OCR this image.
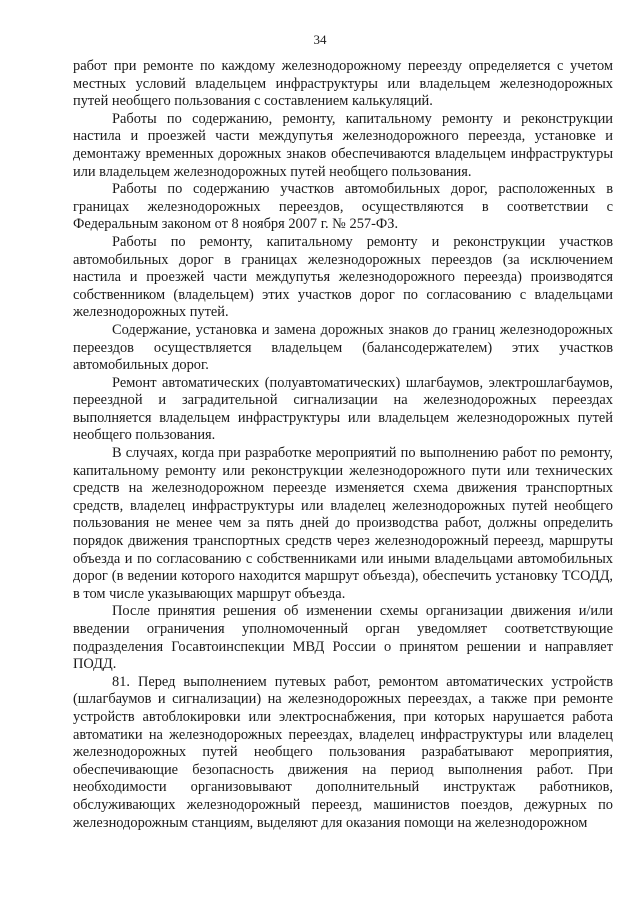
34

работ при ремонте по каждому железнодорожному переезду определяется с учетом местных условий владельцем инфраструктуры или владельцем железнодорожных путей необщего пользования с составлением калькуляций.

Работы по содержанию, ремонту, капитальному ремонту и реконструкции настила и проезжей части междупутья железнодорожного переезда, установке и демонтажу временных дорожных знаков обеспечиваются владельцем инфраструктуры или владельцем железнодорожных путей необщего пользования.

Работы по содержанию участков автомобильных дорог, расположенных в границах железнодорожных переездов, осуществляются в соответствии с Федеральным законом от 8 ноября 2007 г. № 257-ФЗ.

Работы по ремонту, капитальному ремонту и реконструкции участков автомобильных дорог в границах железнодорожных переездов (за исключением настила и проезжей части междупутья железнодорожного переезда) производятся собственником (владельцем) этих участков дорог по согласованию с владельцами железнодорожных путей.

Содержание, установка и замена дорожных знаков до границ железнодорожных переездов осуществляется владельцем (балансодержателем) этих участков автомобильных дорог.

Ремонт автоматических (полуавтоматических) шлагбаумов, электрошлагбаумов, переездной и заградительной сигнализации на железнодорожных переездах выполняется владельцем инфраструктуры или владельцем железнодорожных путей необщего пользования.

В случаях, когда при разработке мероприятий по выполнению работ по ремонту, капитальному ремонту или реконструкции железнодорожного пути или технических средств на железнодорожном переезде изменяется схема движения транспортных средств, владелец инфраструктуры или владелец железнодорожных путей необщего пользования не менее чем за пять дней до производства работ, должны определить порядок движения транспортных средств через железнодорожный переезд, маршруты объезда и по согласованию с собственниками или иными владельцами автомобильных дорог (в ведении которого находится маршрут объезда), обеспечить установку ТСОДД, в том числе указывающих маршрут объезда.

После принятия решения об изменении схемы организации движения и/или введении ограничения уполномоченный орган уведомляет соответствующие подразделения Госавтоинспекции МВД России о принятом решении и направляет ПОДД.

81. Перед выполнением путевых работ, ремонтом автоматических устройств (шлагбаумов и сигнализации) на железнодорожных переездах, а также при ремонте устройств автоблокировки или электроснабжения, при которых нарушается работа автоматики на железнодорожных переездах, владелец инфраструктуры или владелец железнодорожных путей необщего пользования разрабатывают мероприятия, обеспечивающие безопасность движения на период выполнения работ. При необходимости организовывают дополнительный инструктаж работников, обслуживающих железнодорожный переезд, машинистов поездов, дежурных по железнодорожным станциям, выделяют для оказания помощи на железнодорожном
